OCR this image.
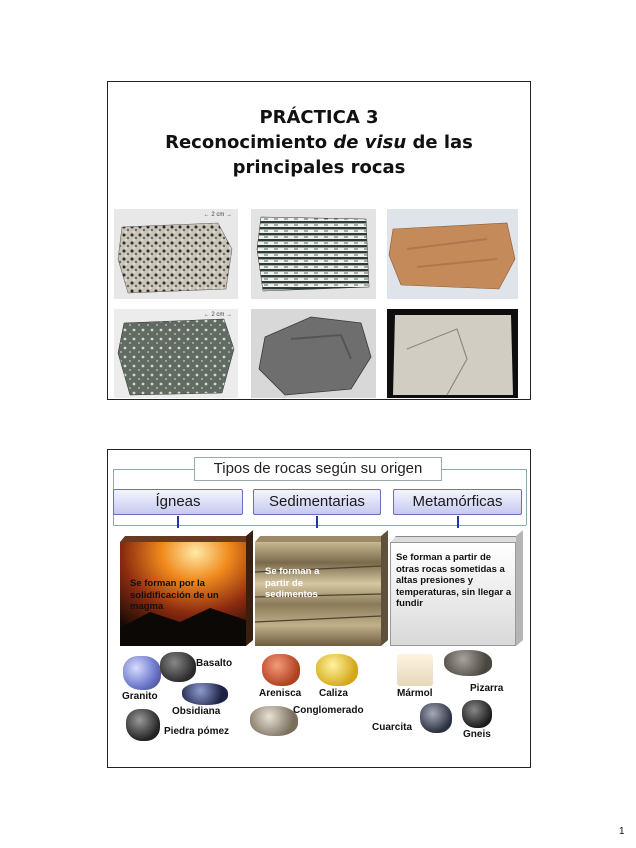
PRÁCTICA 3
Reconocimiento de visu de las
principales rocas
← 2 cm →
← 2 cm →
Tipos de rocas según su origen
Ígneas	Sedimentarias	Metamórficas
Se forman por la solidificación de un magma
Se forman a partir de sedimentos
Se forman a partir de otras rocas sometidas a altas presiones y temperaturas, sin llegar a fundir
Basalto
Granito
Obsidiana
Piedra pómez
Arenisca Caliza
Conglomerado
Mármol	Pizarra
Cuarcita
Gneis
1
